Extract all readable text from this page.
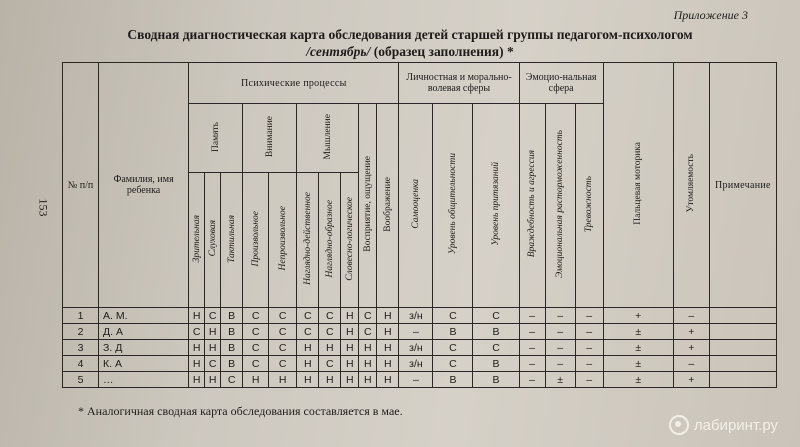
Приложение 3
Сводная диагностическая карта обследования детей старшей группы педагогом-психологом
/сентябрь/ (образец заполнения) *
153
№ п/п	Фамилия, имя ребенка	Психические процессы										Личностная и морально-волевая сферы			Эмоцио-нальная сфера			Пальцевая моторика	Утомляемость	Примечание
		Память			Внимание		Мышление			Восприятие, ощущение	Воображение	Самооценка	Уровень общительности	Уровень притязаний	Враждебность и агрессия	Эмоциональная расторможенность	Тревожность			
		Зрительная	Слуховая	Тактильная	Произвольное	Непроизвольное	Наглядно-действенное	Наглядно-образное	Словесно-логическое											
1	А. М.	Н	С	В	С	С	С	С	Н	С	Н	з/н	С	С	–	–	–	+	–	
2	Д. А	С	Н	В	С	С	С	С	Н	С	Н	–	В	В	–	–	–	±	+	
3	З. Д	Н	Н	В	С	С	Н	Н	Н	Н	Н	з/н	С	С	–	–	–	±	+	
4	К. А	Н	С	В	С	С	Н	С	Н	Н	Н	з/н	С	В	–	–	–	±	–	
5	…	Н	Н	С	Н	Н	Н	Н	Н	Н	Н	–	В	В	–	±	–	±	+	
* Аналогичная сводная карта обследования составляется в мае.
лабиринт.ру
